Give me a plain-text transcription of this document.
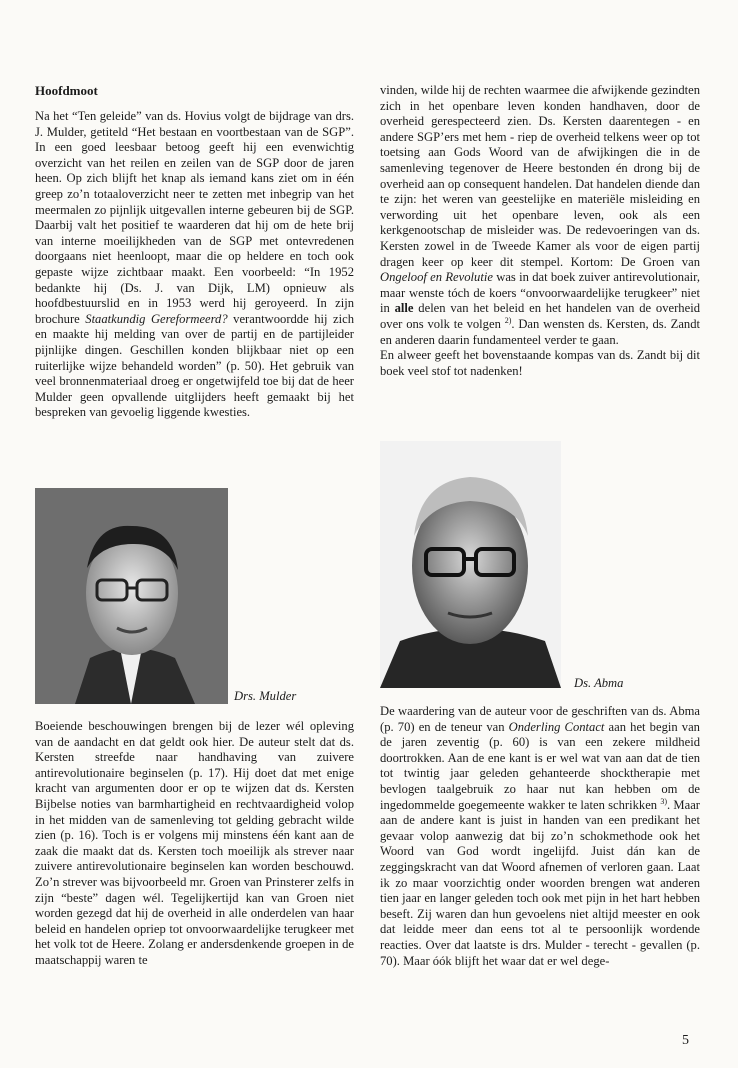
Hoofdmoot

Na het “Ten geleide” van ds. Hovius volgt de bijdrage van drs. J. Mulder, getiteld “Het bestaan en voortbestaan van de SGP”. In een goed leesbaar betoog geeft hij een evenwichtig overzicht van het reilen en zeilen van de SGP door de jaren heen. Op zich blijft het knap als iemand kans ziet om in één greep zo’n totaaloverzicht neer te zetten met inbegrip van het meermalen zo pijnlijk uitgevallen interne gebeuren bij de SGP. Daarbij valt het positief te waarderen dat hij om de hete brij van interne moeilijkheden van de SGP met ontevredenen doorgaans niet heenloopt, maar die op heldere en toch ook gepaste wijze zichtbaar maakt. Een voorbeeld: “In 1952 bedankte hij (Ds. J. van Dijk, LM) opnieuw als hoofdbestuurslid en in 1953 werd hij geroyeerd. In zijn brochure Staatkundig Gereformeerd? verantwoordde hij zich en maakte hij melding van over de partij en de partijleider pijnlijke dingen. Geschillen konden blijkbaar niet op een ruiterlijke wijze behandeld worden” (p. 50). Het gebruik van veel bronnenmateriaal droeg er ongetwijfeld toe bij dat de heer Mulder geen opvallende uitglijders heeft gemaakt bij het bespreken van gevoelig liggende kwesties.

Drs. Mulder

Boeiende beschouwingen brengen bij de lezer wél opleving van de aandacht en dat geldt ook hier. De auteur stelt dat ds. Kersten streefde naar handhaving van zuivere antirevolutionaire beginselen (p. 17). Hij doet dat met enige kracht van argumenten door er op te wijzen dat ds. Kersten Bijbelse noties van barmhartigheid en rechtvaardigheid volop in het midden van de samenleving tot gelding gebracht wilde zien (p. 16). Toch is er volgens mij minstens één kant aan de zaak die maakt dat ds. Kersten toch moeilijk als strever naar zuivere antirevolutionaire beginselen kan worden beschouwd. Zo’n strever was bijvoorbeeld mr. Groen van Prinsterer zelfs in zijn “beste” dagen wél. Tegelijkertijd kan van Groen niet worden gezegd dat hij de overheid in alle onderdelen van haar beleid en handelen opriep tot onvoorwaardelijke terugkeer met het volk tot de Heere. Zolang er andersdenkende groepen in de maatschappij waren te

vinden, wilde hij de rechten waarmee die afwijkende gezindten zich in het openbare leven konden handhaven, door de overheid gerespecteerd zien. Ds. Kersten daarentegen - en andere SGP’ers met hem - riep de overheid telkens weer op tot toetsing aan Gods Woord van de afwijkingen die in de samenleving tegenover de Heere bestonden én drong bij de overheid aan op consequent handelen. Dat handelen diende dan te zijn: het weren van geestelijke en materiële misleiding en verwording uit het openbare leven, ook als een kerkgenootschap de misleider was. De redevoeringen van ds. Kersten zowel in de Tweede Kamer als voor de eigen partij dragen keer op keer dit stempel. Kortom: De Groen van Ongeloof en Revolutie was in dat boek zuiver antirevolutionair, maar wenste tóch de koers “onvoorwaardelijke terugkeer” niet in alle delen van het beleid en het handelen van de overheid over ons volk te volgen $^{2)}$. Dan wensten ds. Kersten, ds. Zandt en anderen daarin fundamenteel verder te gaan.

En alweer geeft het bovenstaande kompas van ds. Zandt bij dit boek veel stof tot nadenken!

Ds. Abma

De waardering van de auteur voor de geschriften van ds. Abma (p. 70) en de teneur van Onderling Contact aan het begin van de jaren zeventig (p. 60) is van een zekere mildheid doortrokken. Aan de ene kant is er wel wat van aan dat de tien tot twintig jaar geleden gehanteerde shocktherapie met bevlogen taalgebruik zo haar nut kan hebben om de ingedommelde goegemeente wakker te laten schrikken $^{3)}$. Maar aan de andere kant is juist in handen van een predikant het gevaar volop aanwezig dat bij zo’n schokmethode ook het Woord van God wordt ingelijfd. Juist dán kan de zeggingskracht van dat Woord afnemen of verloren gaan. Laat ik zo maar voorzichtig onder woorden brengen wat anderen tien jaar en langer geleden toch ook met pijn in het hart hebben beseft. Zij waren dan hun gevoelens niet altijd meester en ook dat leidde meer dan eens tot al te persoonlijk wordende reacties. Over dat laatste is drs. Mulder - terecht - gevallen (p. 70). Maar óók blijft het waar dat er wel dege-

5
